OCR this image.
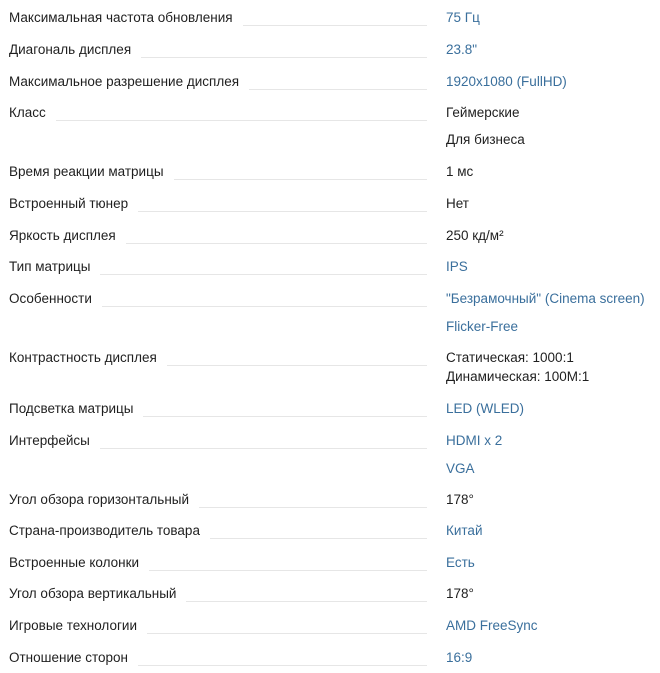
Максимальная частота обновления	75 Гц
Диагональ дисплея	23.8"
Максимальное разрешение дисплея	1920x1080 (FullHD)
Класс	Геймерские
Для бизнеса
Время реакции матрицы	1 мс
Встроенный тюнер	Нет
Яркость дисплея	250 кд/м²
Тип матрицы	IPS
Особенности	"Безрамочный" (Cinema screen)
Flicker-Free
Контрастность дисплея	Статическая: 1000:1
Динамическая: 100M:1
Подсветка матрицы	LED (WLED)
Интерфейсы	HDMI x 2
VGA
Угол обзора горизонтальный	178°
Страна-производитель товара	Китай
Встроенные колонки	Есть
Угол обзора вертикальный	178°
Игровые технологии	AMD FreeSync
Отношение сторон	16:9
